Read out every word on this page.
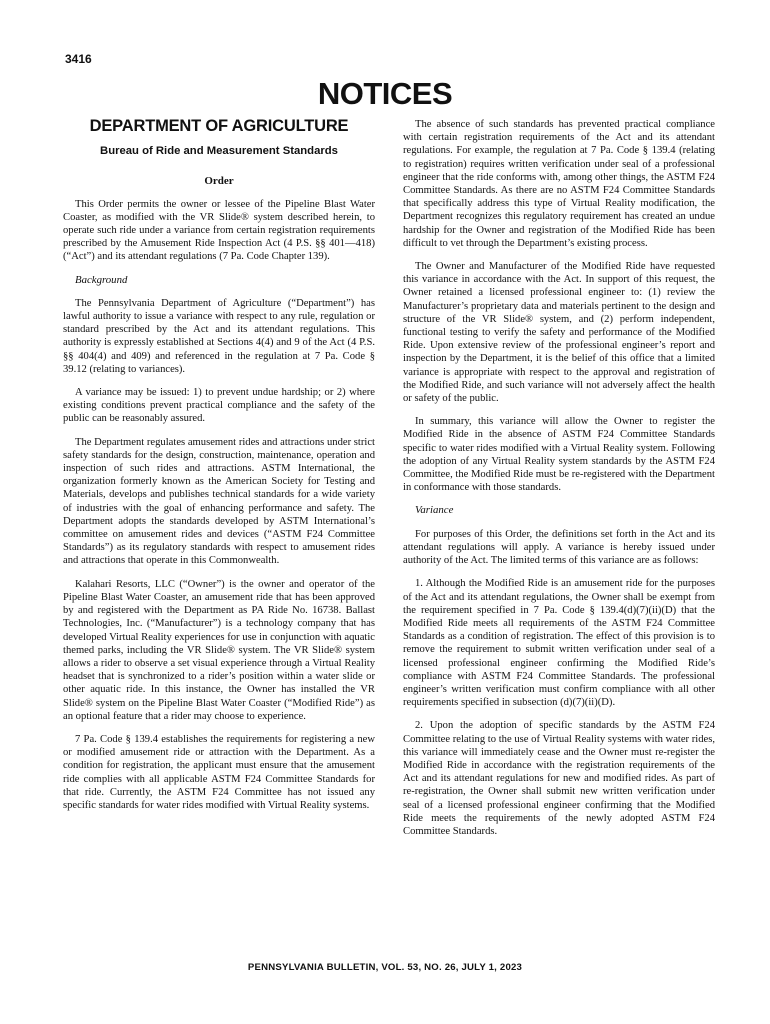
3416
NOTICES
DEPARTMENT OF AGRICULTURE
Bureau of Ride and Measurement Standards
Order

This Order permits the owner or lessee of the Pipeline Blast Water Coaster, as modified with the VR Slide® system described herein, to operate such ride under a variance from certain registration requirements prescribed by the Amusement Ride Inspection Act (4 P.S. §§ 401—418) (“Act”) and its attendant regulations (7 Pa. Code Chapter 139).

Background

The Pennsylvania Department of Agriculture (“Department”) has lawful authority to issue a variance with respect to any rule, regulation or standard prescribed by the Act and its attendant regulations. This authority is expressly established at Sections 4(4) and 9 of the Act (4 P.S. §§ 404(4) and 409) and referenced in the regulation at 7 Pa. Code § 39.12 (relating to variances).

A variance may be issued: 1) to prevent undue hardship; or 2) where existing conditions prevent practical compliance and the safety of the public can be reasonably assured.

The Department regulates amusement rides and attractions under strict safety standards for the design, construction, maintenance, operation and inspection of such rides and attractions. ASTM International, the organization formerly known as the American Society for Testing and Materials, develops and publishes technical standards for a wide variety of industries with the goal of enhancing performance and safety. The Department adopts the standards developed by ASTM International’s committee on amusement rides and devices (“ASTM F24 Committee Standards”) as its regulatory standards with respect to amusement rides and attractions that operate in this Commonwealth.

Kalahari Resorts, LLC (“Owner”) is the owner and operator of the Pipeline Blast Water Coaster, an amusement ride that has been approved by and registered with the Department as PA Ride No. 16738. Ballast Technologies, Inc. (“Manufacturer”) is a technology company that has developed Virtual Reality experiences for use in conjunction with aquatic themed parks, including the VR Slide® system. The VR Slide® system allows a rider to observe a set visual experience through a Virtual Reality headset that is synchronized to a rider’s position within a water slide or other aquatic ride. In this instance, the Owner has installed the VR Slide® system on the Pipeline Blast Water Coaster (“Modified Ride”) as an optional feature that a rider may choose to experience.

7 Pa. Code § 139.4 establishes the requirements for registering a new or modified amusement ride or attraction with the Department. As a condition for registration, the applicant must ensure that the amusement ride complies with all applicable ASTM F24 Committee Standards for that ride. Currently, the ASTM F24 Committee has not issued any specific standards for water rides modified with Virtual Reality systems.

The absence of such standards has prevented practical compliance with certain registration requirements of the Act and its attendant regulations. For example, the regulation at 7 Pa. Code § 139.4 (relating to registration) requires written verification under seal of a professional engineer that the ride conforms with, among other things, the ASTM F24 Committee Standards. As there are no ASTM F24 Committee Standards that specifically address this type of Virtual Reality modification, the Department recognizes this regulatory requirement has created an undue hardship for the Owner and registration of the Modified Ride has been difficult to vet through the Department’s existing process.

The Owner and Manufacturer of the Modified Ride have requested this variance in accordance with the Act. In support of this request, the Owner retained a licensed professional engineer to: (1) review the Manufacturer’s proprietary data and materials pertinent to the design and structure of the VR Slide® system, and (2) perform independent, functional testing to verify the safety and performance of the Modified Ride. Upon extensive review of the professional engineer’s report and inspection by the Department, it is the belief of this office that a limited variance is appropriate with respect to the approval and registration of the Modified Ride, and such variance will not adversely affect the health or safety of the public.

In summary, this variance will allow the Owner to register the Modified Ride in the absence of ASTM F24 Committee Standards specific to water rides modified with a Virtual Reality system. Following the adoption of any Virtual Reality system standards by the ASTM F24 Committee, the Modified Ride must be re-registered with the Department in conformance with those standards.

Variance

For purposes of this Order, the definitions set forth in the Act and its attendant regulations will apply. A variance is hereby issued under authority of the Act. The limited terms of this variance are as follows:

1. Although the Modified Ride is an amusement ride for the purposes of the Act and its attendant regulations, the Owner shall be exempt from the requirement specified in 7 Pa. Code § 139.4(d)(7)(ii)(D) that the Modified Ride meets all requirements of the ASTM F24 Committee Standards as a condition of registration. The effect of this provision is to remove the requirement to submit written verification under seal of a licensed professional engineer confirming the Modified Ride’s compliance with ASTM F24 Committee Standards. The professional engineer’s written verification must confirm compliance with all other requirements specified in subsection (d)(7)(ii)(D).

2. Upon the adoption of specific standards by the ASTM F24 Committee relating to the use of Virtual Reality systems with water rides, this variance will immediately cease and the Owner must re-register the Modified Ride in accordance with the registration requirements of the Act and its attendant regulations for new and modified rides. As part of re-registration, the Owner shall submit new written verification under seal of a licensed professional engineer confirming that the Modified Ride meets the requirements of the newly adopted ASTM F24 Committee Standards.

PENNSYLVANIA BULLETIN, VOL. 53, NO. 26, JULY 1, 2023
